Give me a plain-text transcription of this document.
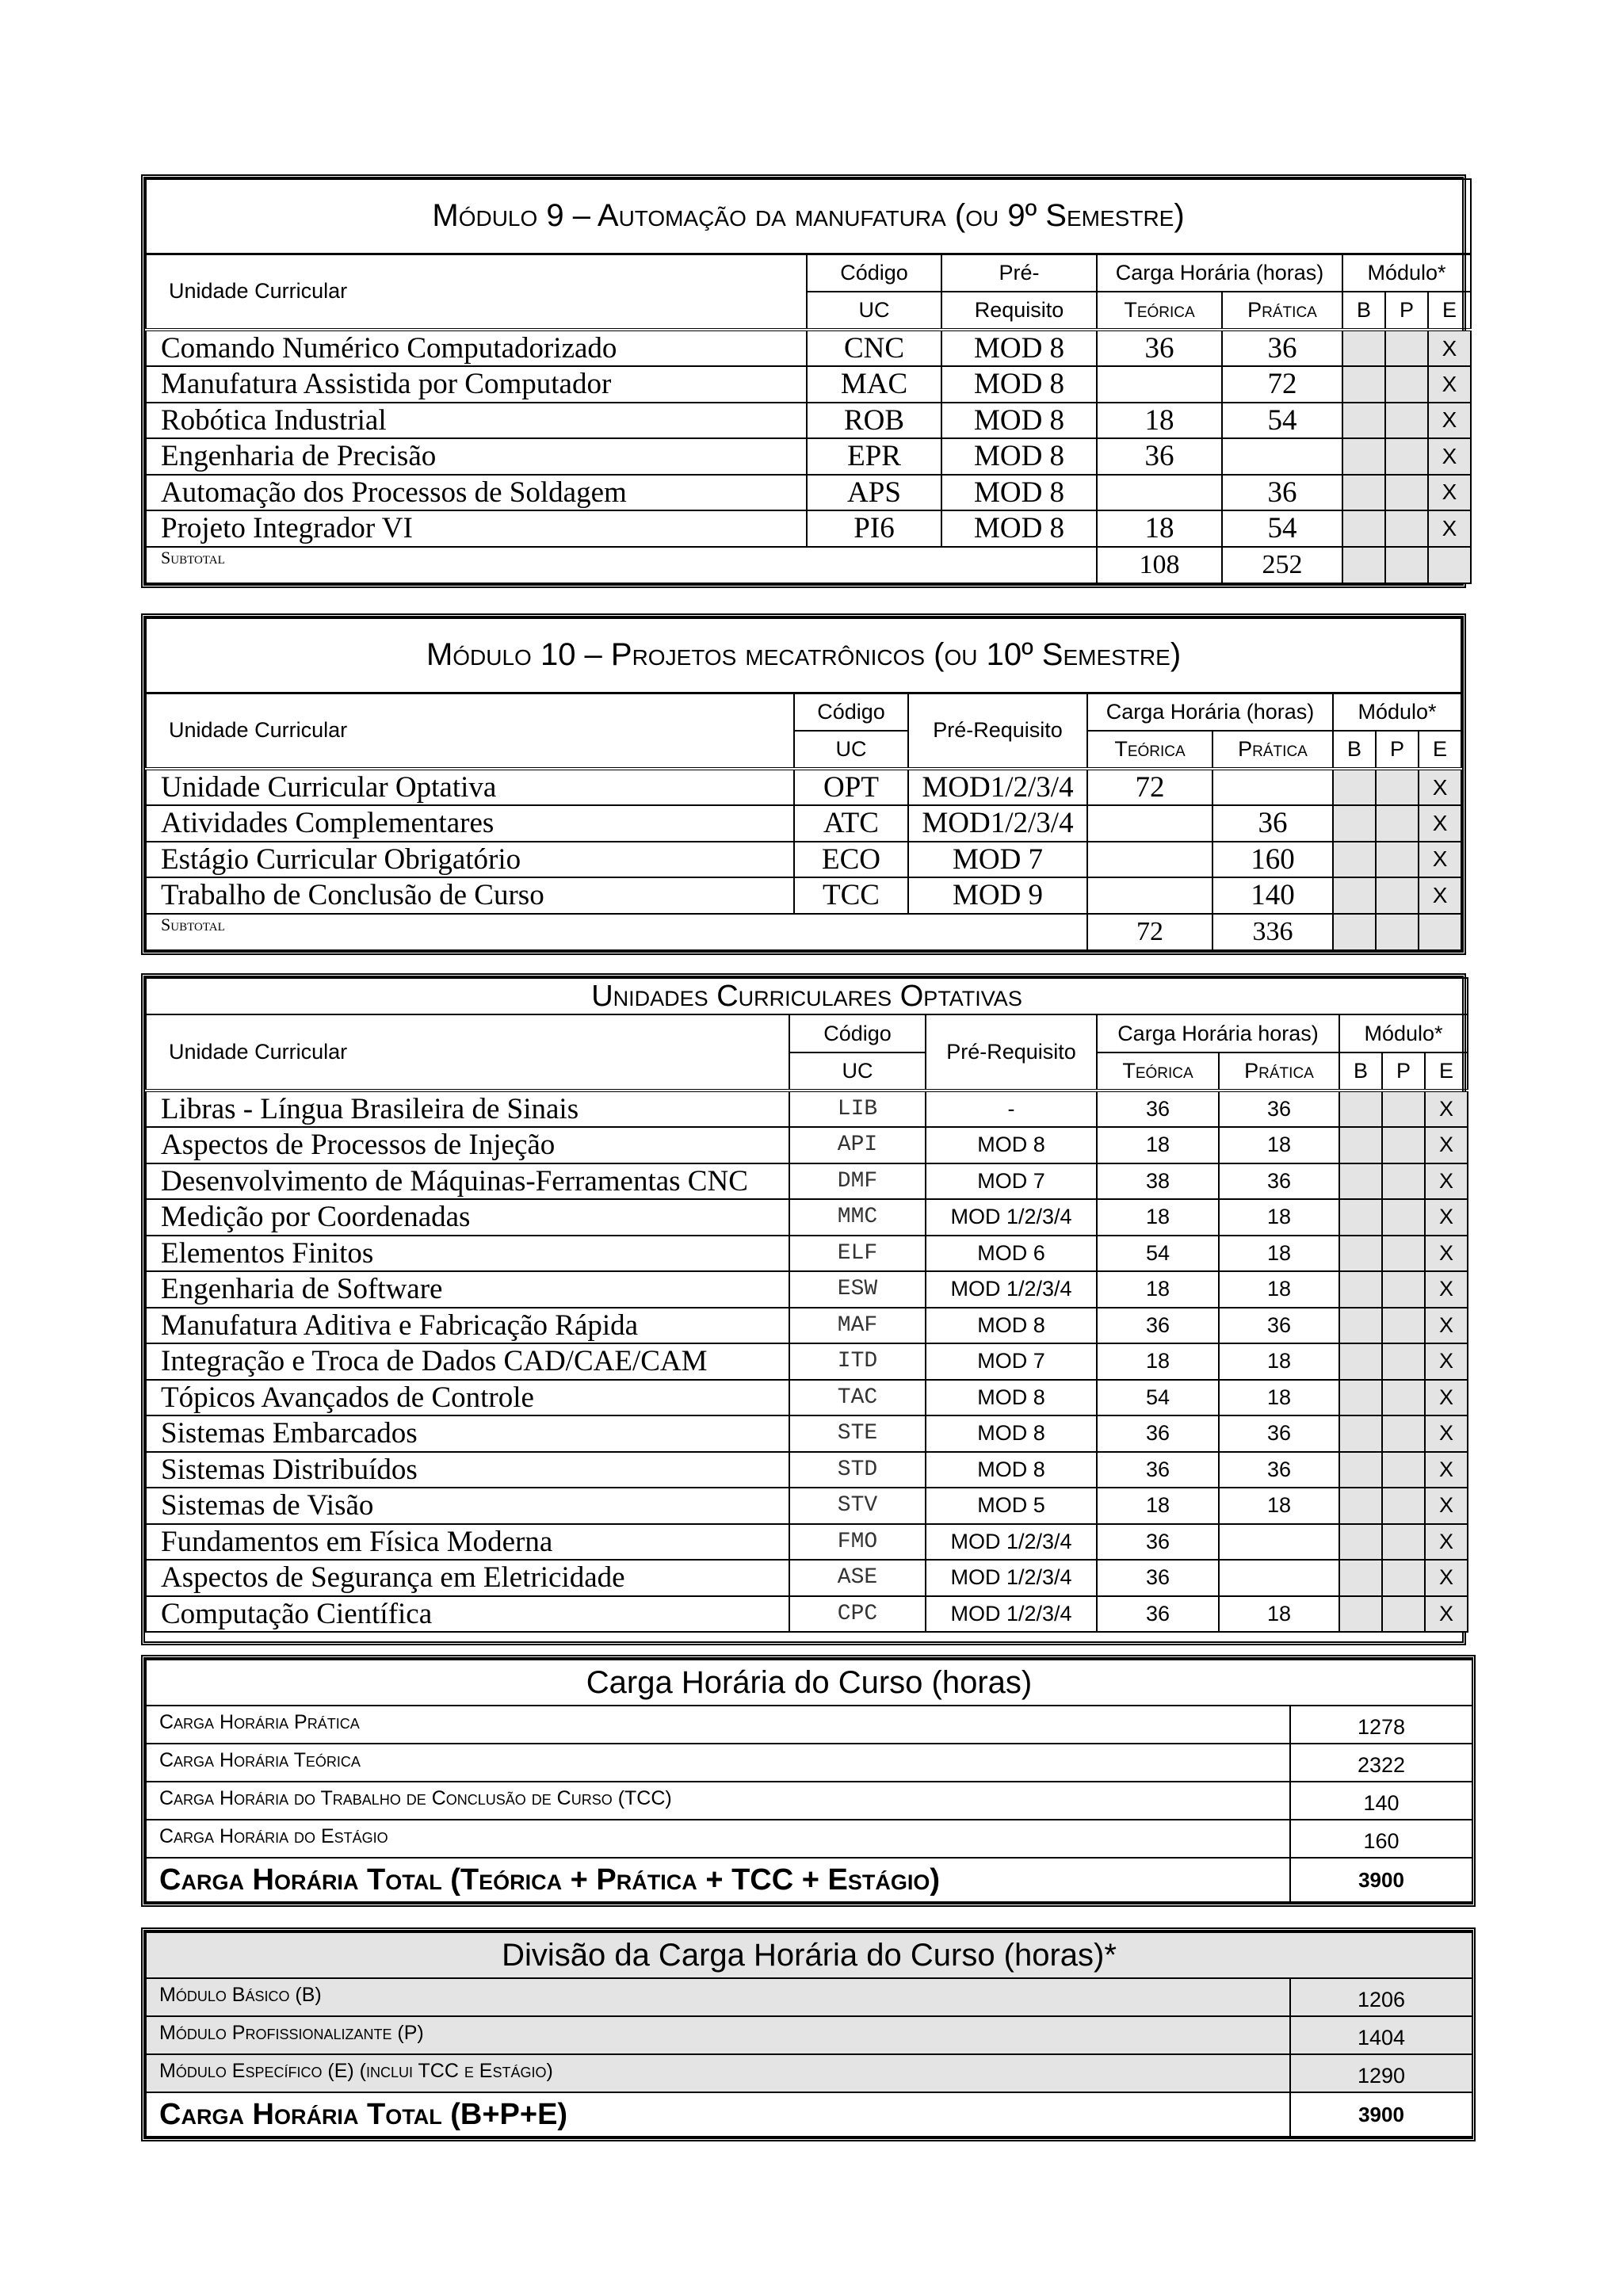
Módulo 9 – Automação da manufatura (ou 9º Semestre)							
Unidade Curricular	Código	Pré-	Carga Horária (horas)		Módulo*		
	UC	Requisito	Teórica	Prática	B	P	E
Comando Numérico Computadorizado	CNC	MOD 8	36	36			X
Manufatura Assistida por Computador	MAC	MOD 8		72			X
Robótica Industrial	ROB	MOD 8	18	54			X
Engenharia de Precisão	EPR	MOD 8	36				X
Automação dos Processos de Soldagem	APS	MOD 8		36			X
Projeto Integrador VI	PI6	MOD 8	18	54			X
Subtotal			108	252			
Módulo 10 – Projetos mecatrônicos (ou 10º Semestre)							
Unidade Curricular	Código	Pré-Requisito	Carga Horária (horas)		Módulo*		
	UC		Teórica	Prática	B	P	E
Unidade Curricular Optativa	OPT	MOD1/2/3/4	72				X
Atividades Complementares	ATC	MOD1/2/3/4		36			X
Estágio Curricular Obrigatório	ECO	MOD 7		160			X
Trabalho de Conclusão de Curso	TCC	MOD 9		140			X
Subtotal			72	336			
Unidades Curriculares Optativas							
Unidade Curricular	Código	Pré-Requisito	Carga Horária horas)		Módulo*		
	UC		Teórica	Prática	B	P	E
Libras - Língua Brasileira de Sinais	LIB	-	36	36			X
Aspectos de Processos de Injeção	API	MOD 8	18	18			X
Desenvolvimento de Máquinas-Ferramentas CNC	DMF	MOD 7	38	36			X
Medição por Coordenadas	MMC	MOD 1/2/3/4	18	18			X
Elementos Finitos	ELF	MOD 6	54	18			X
Engenharia de Software	ESW	MOD 1/2/3/4	18	18			X
Manufatura Aditiva e Fabricação Rápida	MAF	MOD 8	36	36			X
Integração e Troca de Dados CAD/CAE/CAM	ITD	MOD 7	18	18			X
Tópicos Avançados de Controle	TAC	MOD 8	54	18			X
Sistemas Embarcados	STE	MOD 8	36	36			X
Sistemas Distribuídos	STD	MOD 8	36	36			X
Sistemas de Visão	STV	MOD 5	18	18			X
Fundamentos em Física Moderna	FMO	MOD 1/2/3/4	36				X
Aspectos de Segurança em Eletricidade	ASE	MOD 1/2/3/4	36				X
Computação Científica	CPC	MOD 1/2/3/4	36	18			X
Carga Horária do Curso (horas)	
Carga Horária Prática	1278
Carga Horária Teórica	2322
Carga Horária do Trabalho de Conclusão de Curso (TCC)	140
Carga Horária do Estágio	160
Carga Horária Total (Teórica + Prática + TCC + Estágio)	3900
Divisão da Carga Horária do Curso (horas)*	
Módulo Básico (B)	1206
Módulo Profissionalizante (P)	1404
Módulo Específico (E) (inclui TCC e Estágio)	1290
Carga Horária Total (B+P+E)	3900
